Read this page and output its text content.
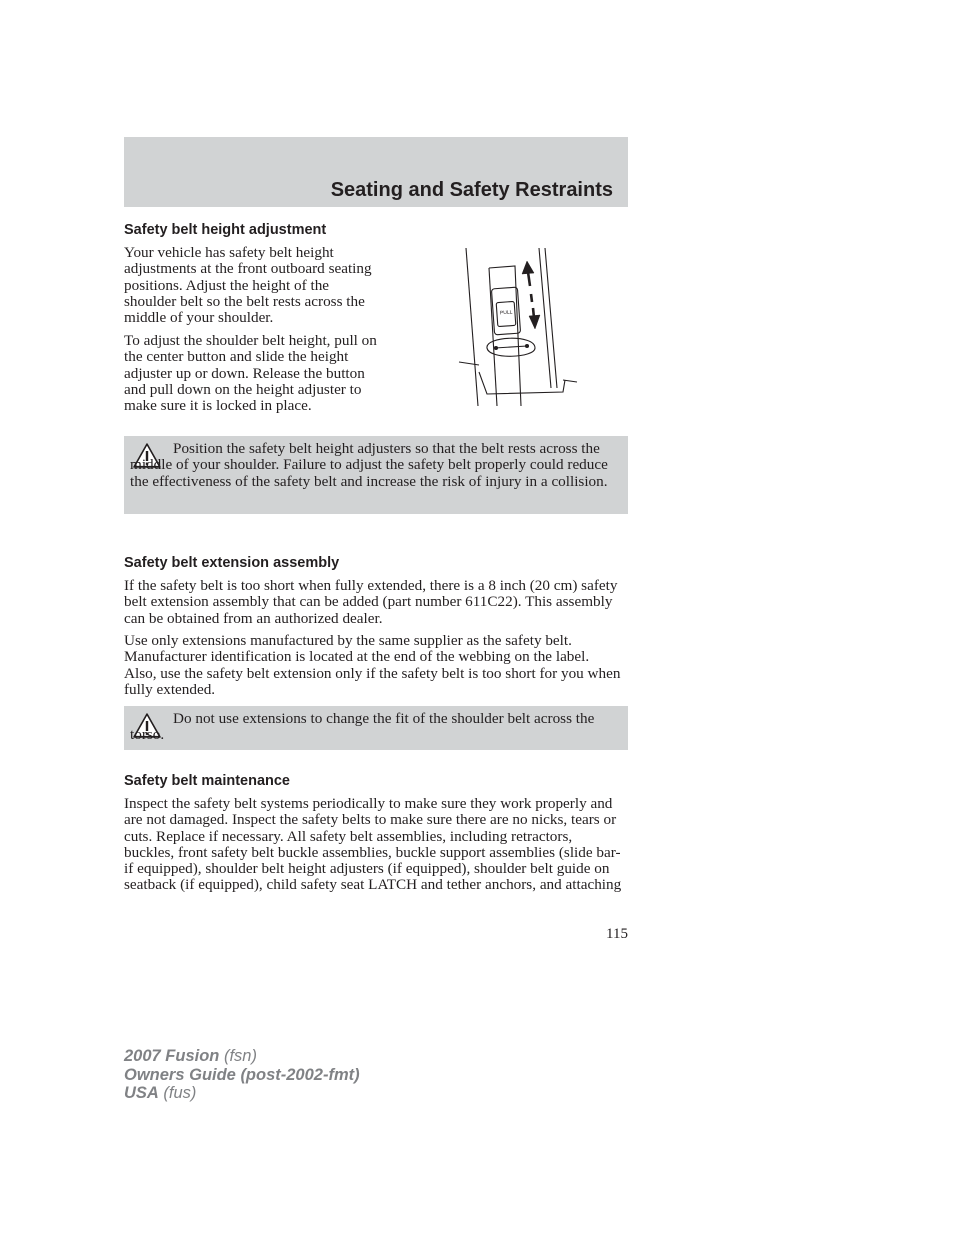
Seating and Safety Restraints
Safety belt height adjustment

Your vehicle has safety belt height adjustments at the front outboard seating positions. Adjust the height of the shoulder belt so the belt rests across the middle of your shoulder.

To adjust the shoulder belt height, pull on the center button and slide the height adjuster up or down. Release the button and pull down on the height adjuster to make sure it is locked in place.

PULL

Position the safety belt height adjusters so that the belt rests across the middle of your shoulder. Failure to adjust the safety belt properly could reduce the effectiveness of the safety belt and increase the risk of injury in a collision.

Safety belt extension assembly

If the safety belt is too short when fully extended, there is a 8 inch (20 cm) safety belt extension assembly that can be added (part number 611C22). This assembly can be obtained from an authorized dealer.

Use only extensions manufactured by the same supplier as the safety belt. Manufacturer identification is located at the end of the webbing on the label. Also, use the safety belt extension only if the safety belt is too short for you when fully extended.

Do not use extensions to change the fit of the shoulder belt across the torso.

Safety belt maintenance

Inspect the safety belt systems periodically to make sure they work properly and are not damaged. Inspect the safety belts to make sure there are no nicks, tears or cuts. Replace if necessary. All safety belt assemblies, including retractors, buckles, front safety belt buckle assemblies, buckle support assemblies (slide bar-if equipped), shoulder belt height adjusters (if equipped), shoulder belt guide on seatback (if equipped), child safety seat LATCH and tether anchors, and attaching

115
2007 Fusion (fsn)
Owners Guide (post-2002-fmt)
USA (fus)
